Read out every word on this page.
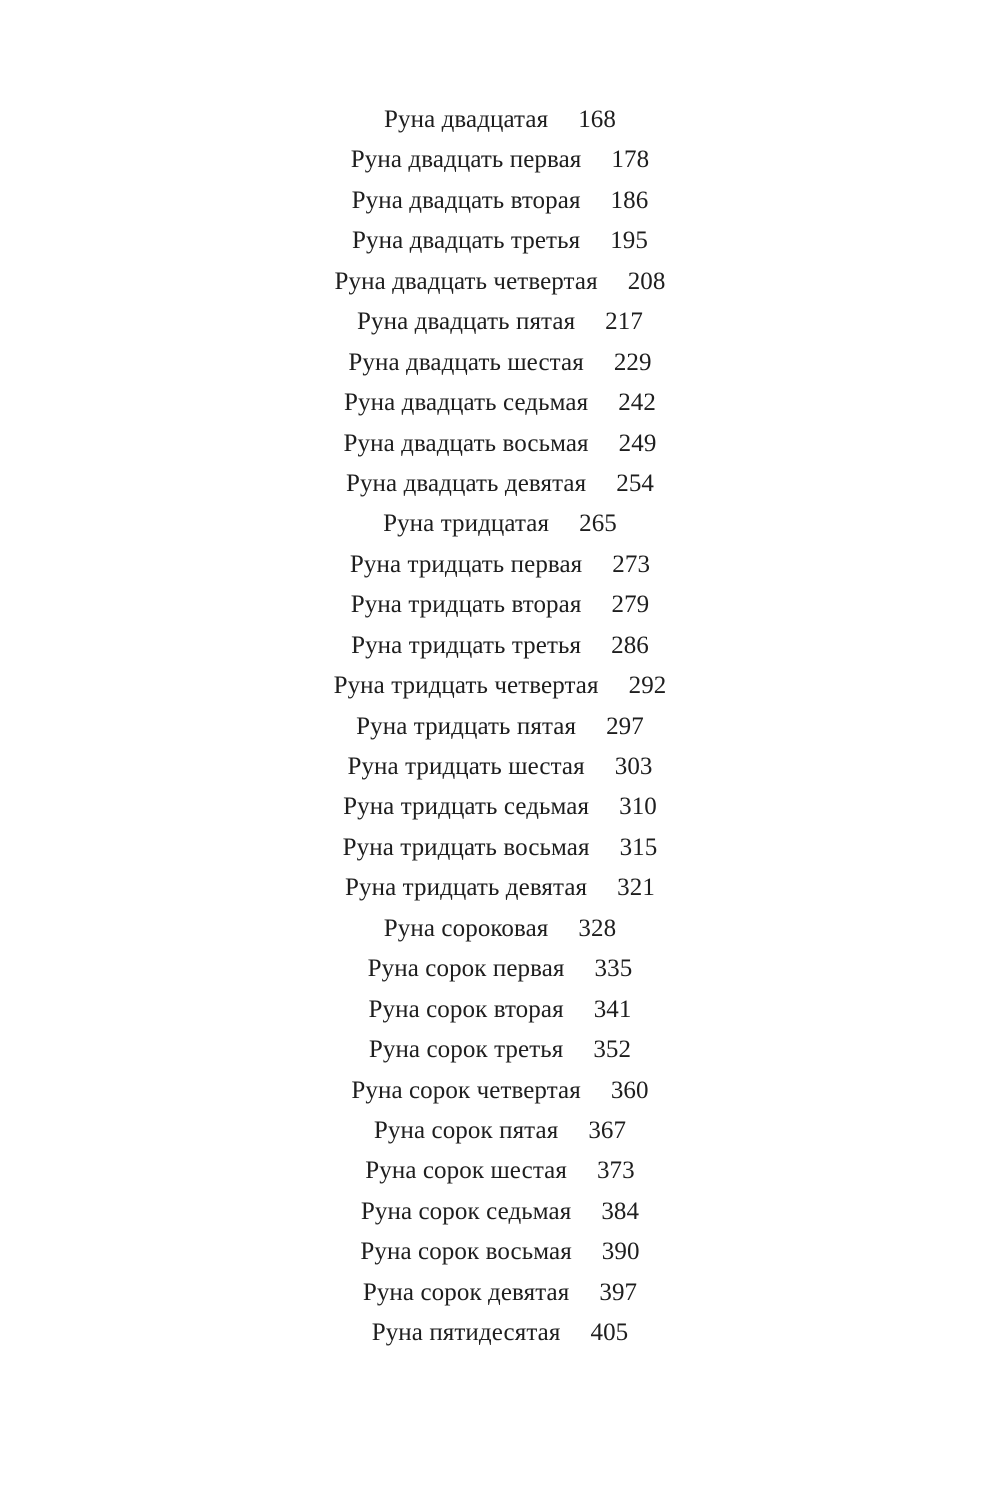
Руна двадцатая 168
Руна двадцать первая 178
Руна двадцать вторая 186
Руна двадцать третья 195
Руна двадцать четвертая 208
Руна двадцать пятая 217
Руна двадцать шестая 229
Руна двадцать седьмая 242
Руна двадцать восьмая 249
Руна двадцать девятая 254
Руна тридцатая 265
Руна тридцать первая 273
Руна тридцать вторая 279
Руна тридцать третья 286
Руна тридцать четвертая 292
Руна тридцать пятая 297
Руна тридцать шестая 303
Руна тридцать седьмая 310
Руна тридцать восьмая 315
Руна тридцать девятая 321
Руна сороковая 328
Руна сорок первая 335
Руна сорок вторая 341
Руна сорок третья 352
Руна сорок четвертая 360
Руна сорок пятая 367
Руна сорок шестая 373
Руна сорок седьмая 384
Руна сорок восьмая 390
Руна сорок девятая 397
Руна пятидесятая 405
